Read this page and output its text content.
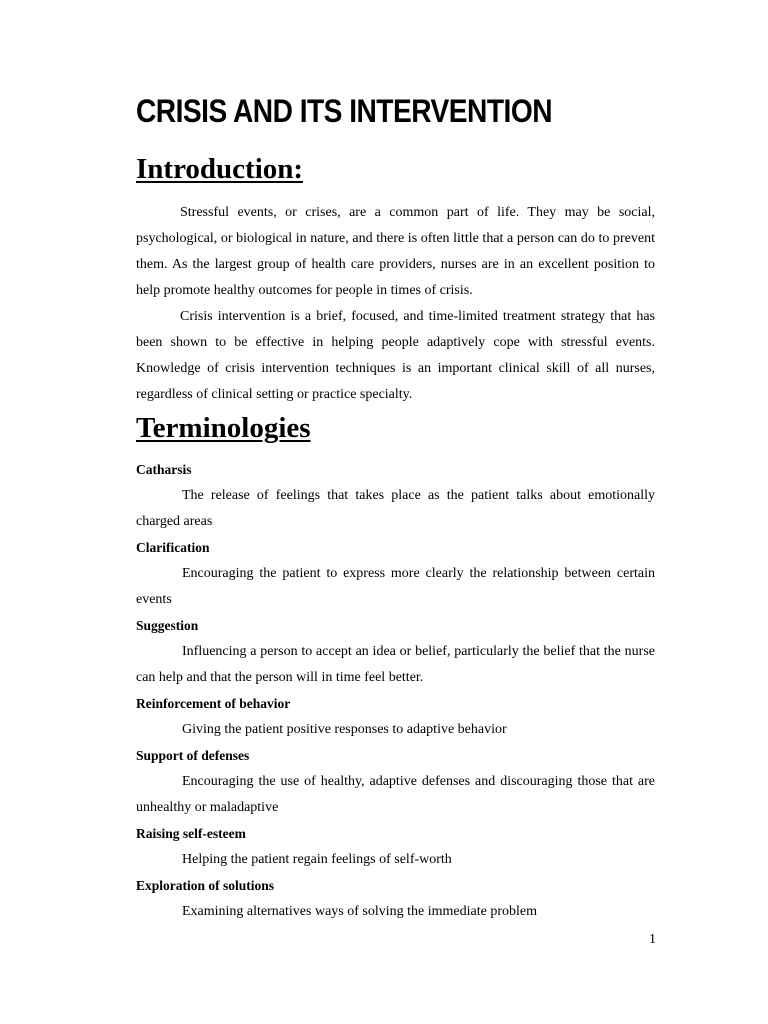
CRISIS AND ITS INTERVENTION
Introduction:

Stressful events, or crises, are a common part of life. They may be social, psychological, or biological in nature, and there is often little that a person can do to prevent them. As the largest group of health care providers, nurses are in an excellent position to help promote healthy outcomes for people in times of crisis.

Crisis intervention is a brief, focused, and time-limited treatment strategy that has been shown to be effective in helping people adaptively cope with stressful events. Knowledge of crisis intervention techniques is an important clinical skill of all nurses, regardless of clinical setting or practice specialty.

Terminologies
Catharsis
The release of feelings that takes place as the patient talks about emotionally charged areas
Clarification
Encouraging the patient to express more clearly the relationship between certain events
Suggestion
Influencing a person to accept an idea or belief, particularly the belief that the nurse can help and that the person will in time feel better.
Reinforcement of behavior
Giving the patient positive responses to adaptive behavior
Support of defenses
Encouraging the use of healthy, adaptive defenses and discouraging those that are unhealthy or maladaptive
Raising self-esteem
Helping the patient regain feelings of self-worth
Exploration of solutions
Examining alternatives ways of solving the immediate problem
1
